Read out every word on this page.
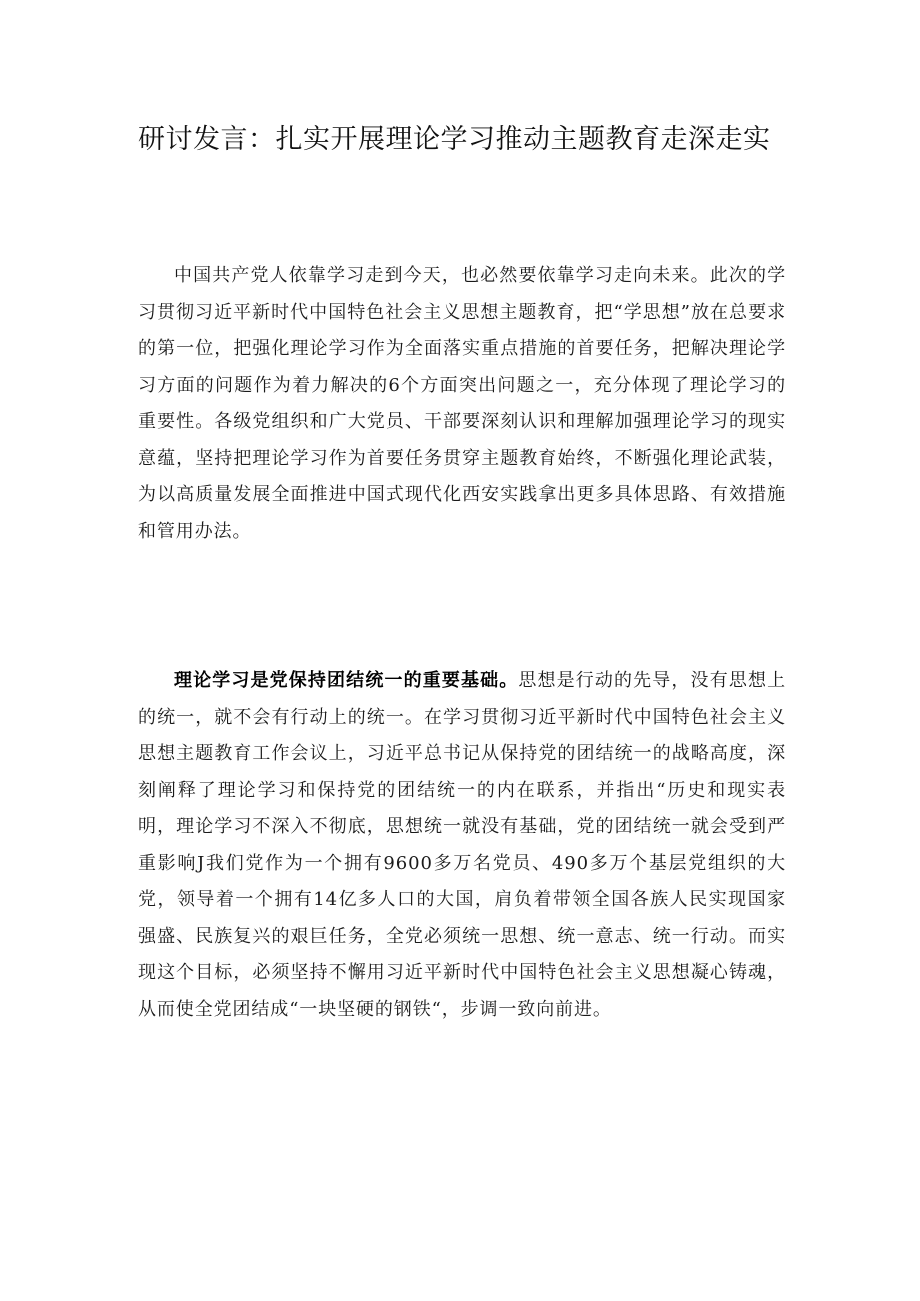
研讨发言：扎实开展理论学习推动主题教育走深走实

中国共产党人依靠学习走到今天，也必然要依靠学习走向未来。此次的学习贯彻习近平新时代中国特色社会主义思想主题教育，把“学思想”放在总要求的第一位，把强化理论学习作为全面落实重点措施的首要任务，把解决理论学习方面的问题作为着力解决的6个方面突出问题之一，充分体现了理论学习的重要性。各级党组织和广大党员、干部要深刻认识和理解加强理论学习的现实意蕴，坚持把理论学习作为首要任务贯穿主题教育始终，不断强化理论武装，为以高质量发展全面推进中国式现代化西安实践拿出更多具体思路、有效措施和管用办法。

理论学习是党保持团结统一的重要基础。思想是行动的先导，没有思想上的统一，就不会有行动上的统一。在学习贯彻习近平新时代中国特色社会主义思想主题教育工作会议上，习近平总书记从保持党的团结统一的战略高度，深刻阐释了理论学习和保持党的团结统一的内在联系，并指出“历史和现实表明，理论学习不深入不彻底，思想统一就没有基础，党的团结统一就会受到严重影响J我们党作为一个拥有9600多万名党员、490多万个基层党组织的大党，领导着一个拥有14亿多人口的大国，肩负着带领全国各族人民实现国家强盛、民族复兴的艰巨任务，全党必须统一思想、统一意志、统一行动。而实现这个目标，必须坚持不懈用习近平新时代中国特色社会主义思想凝心铸魂，从而使全党团结成“一块坚硬的钢铁“，步调一致向前进。
